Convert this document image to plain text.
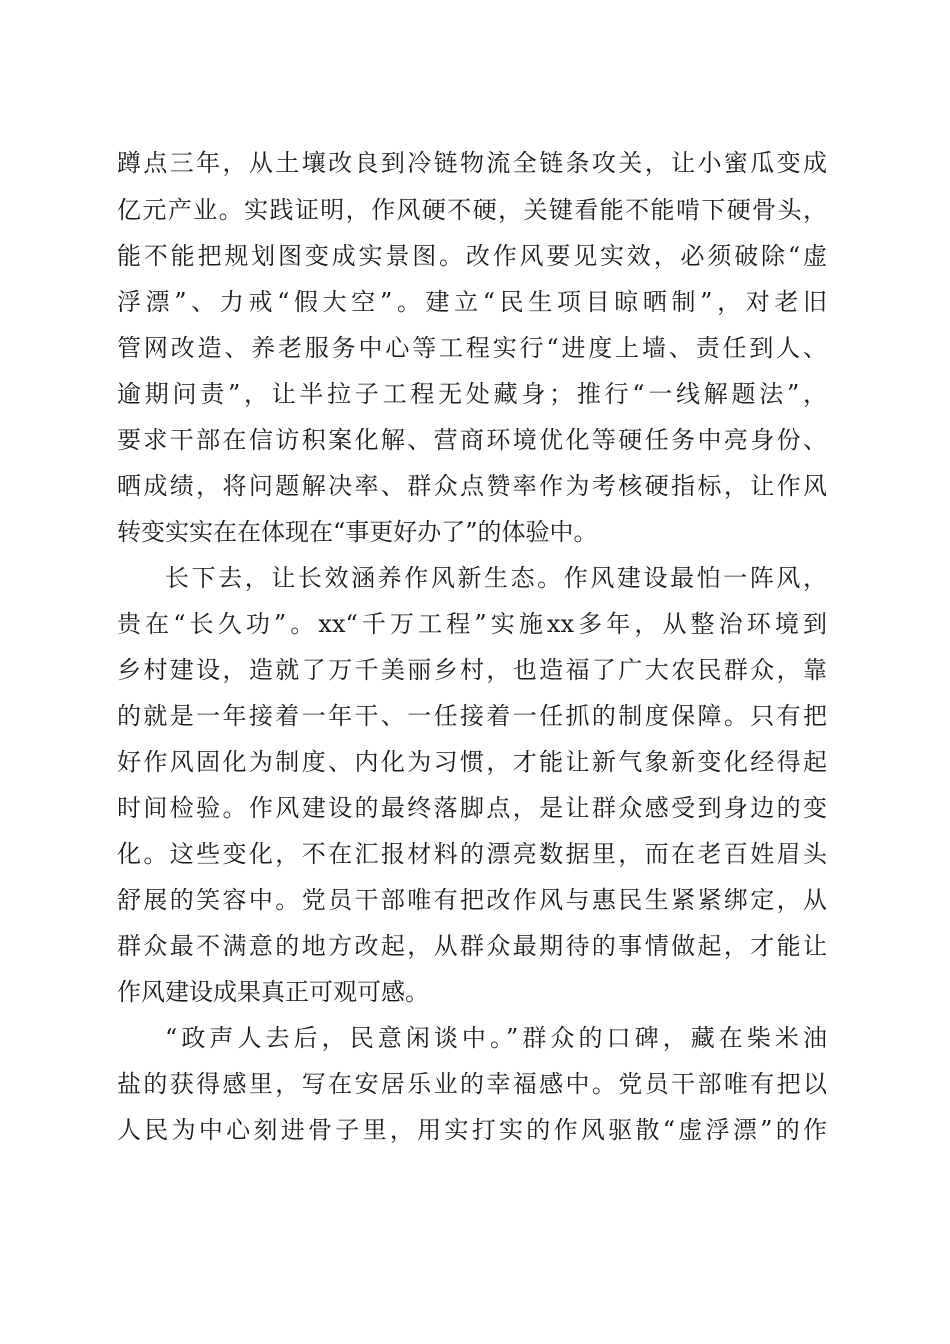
蹲点三年，从土壤改良到冷链物流全链条攻关，让小蜜瓜变成
亿元产业。实践证明，作风硬不硬，关键看能不能啃下硬骨头，
能不能把规划图变成实景图。改作风要见实效，必须破除“虚
浮漂”、力戒“假大空”。建立“民生项目晾晒制”，对老旧
管网改造、养老服务中心等工程实行“进度上墙、责任到人、
逾期问责”，让半拉子工程无处藏身；推行“一线解题法”，
要求干部在信访积案化解、营商环境优化等硬任务中亮身份、
晒成绩，将问题解决率、群众点赞率作为考核硬指标，让作风
转变实实在在体现在“事更好办了”的体验中。
长下去，让长效涵养作风新生态。作风建设最怕一阵风，
贵在“长久功”。xx“千万工程”实施xx多年，从整治环境到
乡村建设，造就了万千美丽乡村，也造福了广大农民群众，靠
的就是一年接着一年干、一任接着一任抓的制度保障。只有把
好作风固化为制度、内化为习惯，才能让新气象新变化经得起
时间检验。作风建设的最终落脚点，是让群众感受到身边的变
化。这些变化，不在汇报材料的漂亮数据里，而在老百姓眉头
舒展的笑容中。党员干部唯有把改作风与惠民生紧紧绑定，从
群众最不满意的地方改起，从群众最期待的事情做起，才能让
作风建设成果真正可观可感。
“政声人去后，民意闲谈中。”群众的口碑，藏在柴米油
盐的获得感里，写在安居乐业的幸福感中。党员干部唯有把以
人民为中心刻进骨子里，用实打实的作风驱散“虚浮漂”的作
